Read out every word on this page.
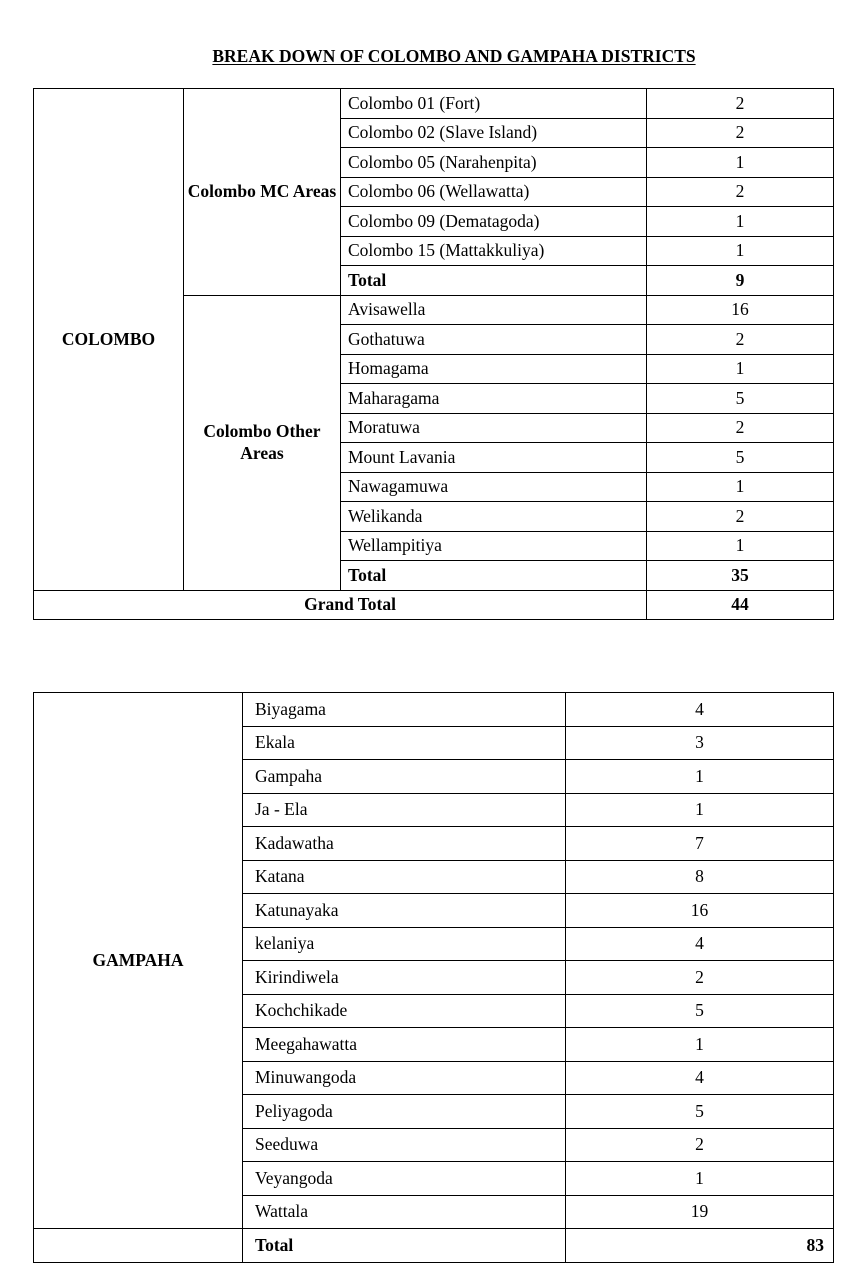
BREAK DOWN OF COLOMBO AND GAMPAHA DISTRICTS
COLOMBO	Colombo MC Areas	Colombo 01 (Fort)	2
		Colombo 02 (Slave Island)	2
		Colombo 05 (Narahenpita)	1
		Colombo 06 (Wellawatta)	2
		Colombo 09 (Dematagoda)	1
		Colombo 15 (Mattakkuliya)	1
		Total	9
	Colombo Other Areas	Avisawella	16
		Gothatuwa	2
		Homagama	1
		Maharagama	5
		Moratuwa	2
		Mount Lavania	5
		Nawagamuwa	1
		Welikanda	2
		Wellampitiya	1
		Total	35
Grand Total			44
GAMPAHA	Biyagama	4
	Ekala	3
	Gampaha	1
	Ja - Ela	1
	Kadawatha	7
	Katana	8
	Katunayaka	16
	kelaniya	4
	Kirindiwela	2
	Kochchikade	5
	Meegahawatta	1
	Minuwangoda	4
	Peliyagoda	5
	Seeduwa	2
	Veyangoda	1
	Wattala	19
	Total	83
